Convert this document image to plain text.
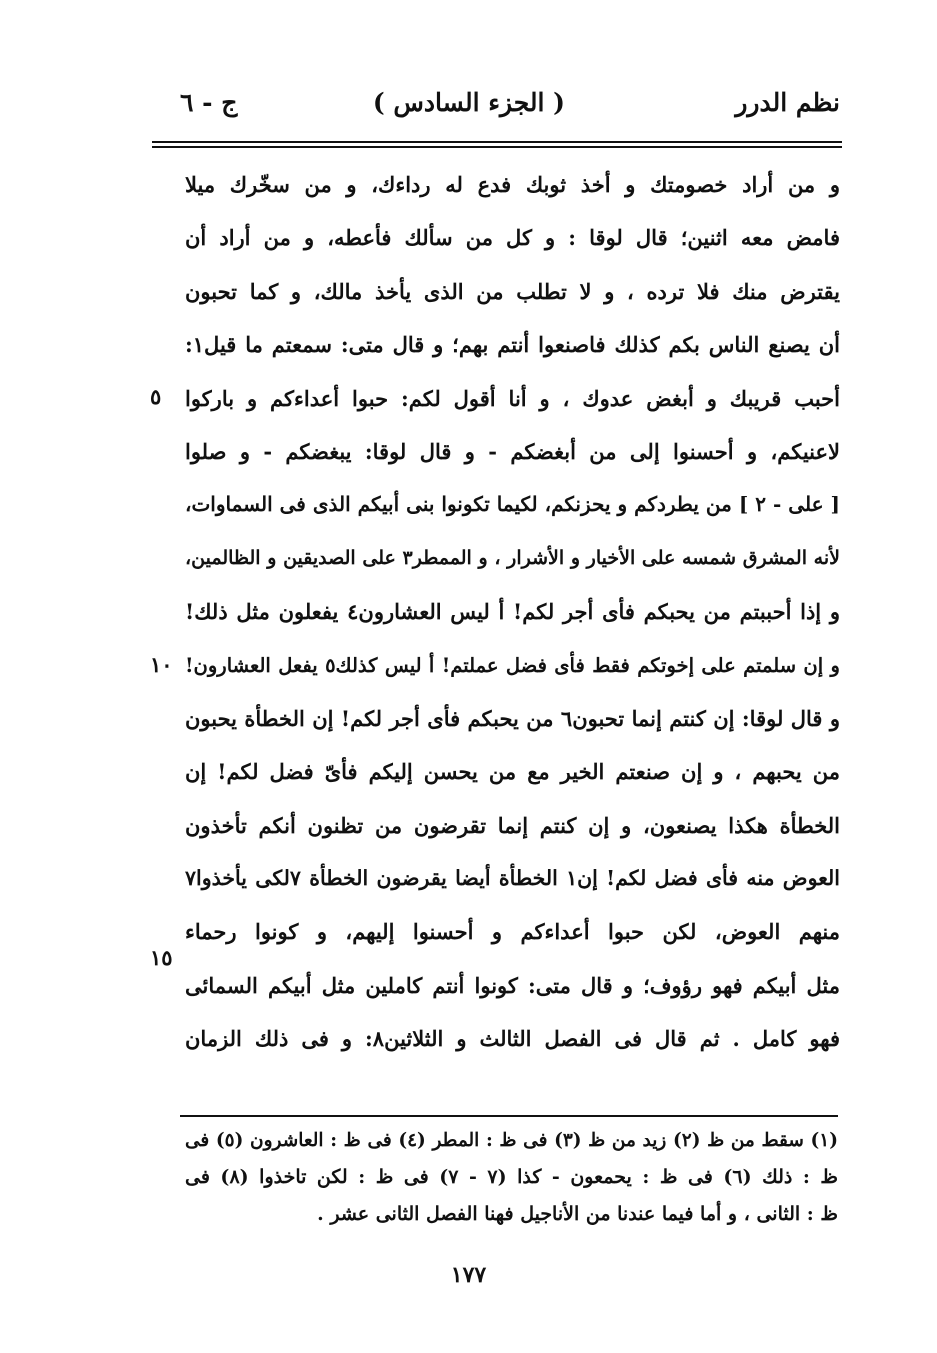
نظم الدرر
( الجزء السادس )
ج - ٦
و من أراد خصومتك و أخذ ثوبك فدع له رداءك، و من سخّرك ميلا
فامض معه اثنين؛ قال لوقا : و كل من سألك فأعطه، و من أراد أن
يقترض منك فلا ترده ، و لا تطلب من الذى يأخذ مالك، و كما تحبون
أن يصنع الناس بكم كذلك فاصنعوا أنتم بهم؛ و قال متى: سمعتم ما قيل١:
أحبب قريبك و أبغض عدوك ، و أنا أقول لكم: حبوا أعداءكم و باركوا
لاعنيكم، و أحسنوا إلى من أبغضكم - و قال لوقا: يبغضكم - و صلوا
[ على - ٢ ] من يطردكم و يحزنكم، لكيما تكونوا بنى أبيكم الذى فى السماوات،
لأنه المشرق شمسه على الأخيار و الأشرار ، و الممطر٣ على الصديقين و الظالمين،
و إذا أحببتم من يحبكم فأى أجر لكم! أ ليس العشارون٤ يفعلون مثل ذلك!
و إن سلمتم على إخوتكم فقط فأى فضل عملتم! أ ليس كذلك٥ يفعل العشارون!
و قال لوقا: إن كنتم إنما تحبون٦ من يحبكم فأى أجر لكم! إن الخطأة يحبون
من يحبهم ، و إن صنعتم الخير مع من يحسن إليكم فأىّ فضل لكم! إن
الخطأة هكذا يصنعون، و إن كنتم إنما تقرضون من تظنون أنكم تأخذون
العوض منه فأى فضل لكم! إن١ الخطأة أيضا يقرضون الخطأة ٧لكى يأخذوا٧
منهم العوض، لكن حبوا أعداءكم و أحسنوا إليهم، و كونوا رحماء
مثل أبيكم فهو رؤوف؛ و قال متى: كونوا أنتم كاملين مثل أبيكم السمائى
فهو كامل . ثم قال فى الفصل الثالث و الثلاثين٨: و فى ذلك الزمان
٥
١٠
١٥
(١) سقط من ظ (٢) زيد من ظ (٣) فى ظ : المطر (٤) فى ظ : العاشرون (٥) فى
ظ : ذلك (٦) فى ظ : يحمعون - كذا (٧ - ٧) فى ظ : لكن تاخذوا (٨) فى
ظ : الثانى ، و أما فيما عندنا من الأناجيل فهنا الفصل الثانى عشر .
١٧٧
